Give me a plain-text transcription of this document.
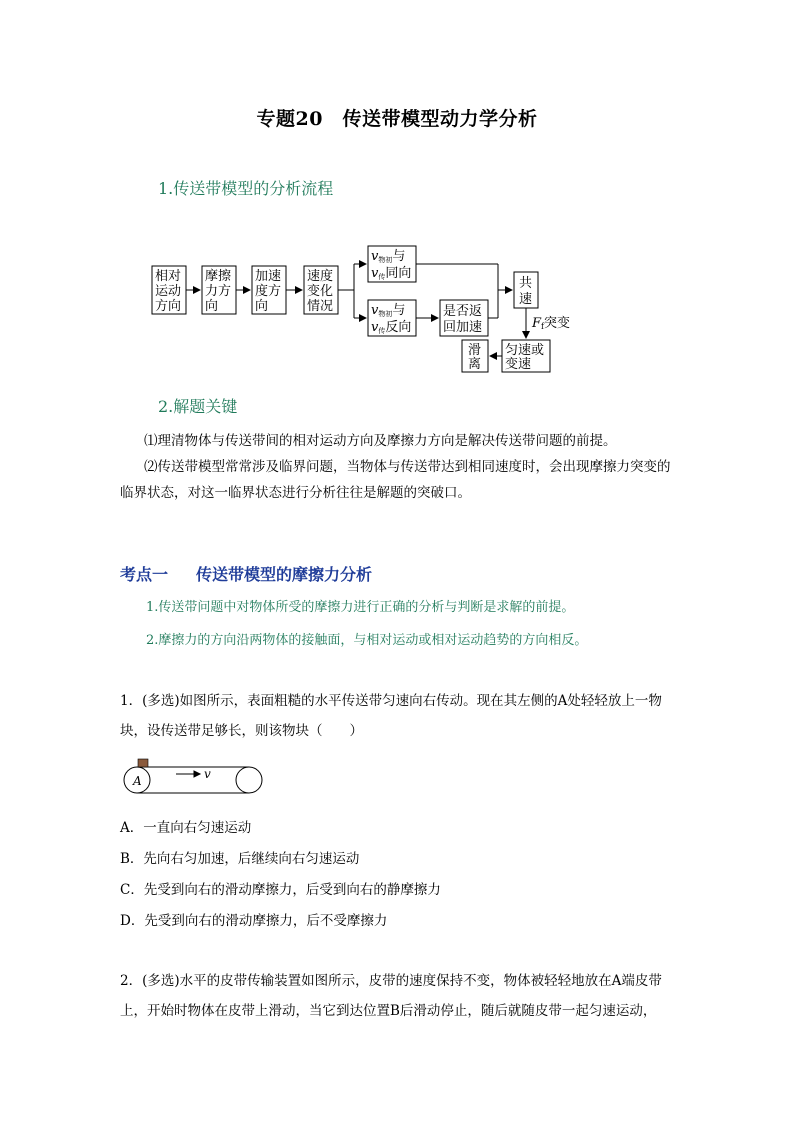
专题20　传送带模型动力学分析
1.传送带模型的分析流程
相对
运动
方向
摩擦
力方
向
加速
度方
向
速度
变化
情况
v物初与
v传同向
v物初与
v传反向
是否返
回加速
共
速
Ff突变
匀速或
变速
滑
离
2.解题关键
⑴理清物体与传送带间的相对运动方向及摩擦力方向是解决传送带问题的前提。
⑵传送带模型常常涉及临界问题，当物体与传送带达到相同速度时，会出现摩擦力突变的临界状态，对这一临界状态进行分析往往是解题的突破口。
考点一 传送带模型的摩擦力分析
1.传送带问题中对物体所受的摩擦力进行正确的分析与判断是求解的前提。
2.摩擦力的方向沿两物体的接触面，与相对运动或相对运动趋势的方向相反。
1．(多选)如图所示，表面粗糙的水平传送带匀速向右传动。现在其左侧的A处轻轻放上一物块，设传送带足够长，则该物块（　　）
A	v
A．一直向右匀速运动
B．先向右匀加速，后继续向右匀速运动
C．先受到向右的滑动摩擦力，后受到向右的静摩擦力
D．先受到向右的滑动摩擦力，后不受摩擦力
2．(多选)水平的皮带传输装置如图所示，皮带的速度保持不变，物体被轻轻地放在A端皮带上，开始时物体在皮带上滑动，当它到达位置B后滑动停止，随后就随皮带一起匀速运动，
